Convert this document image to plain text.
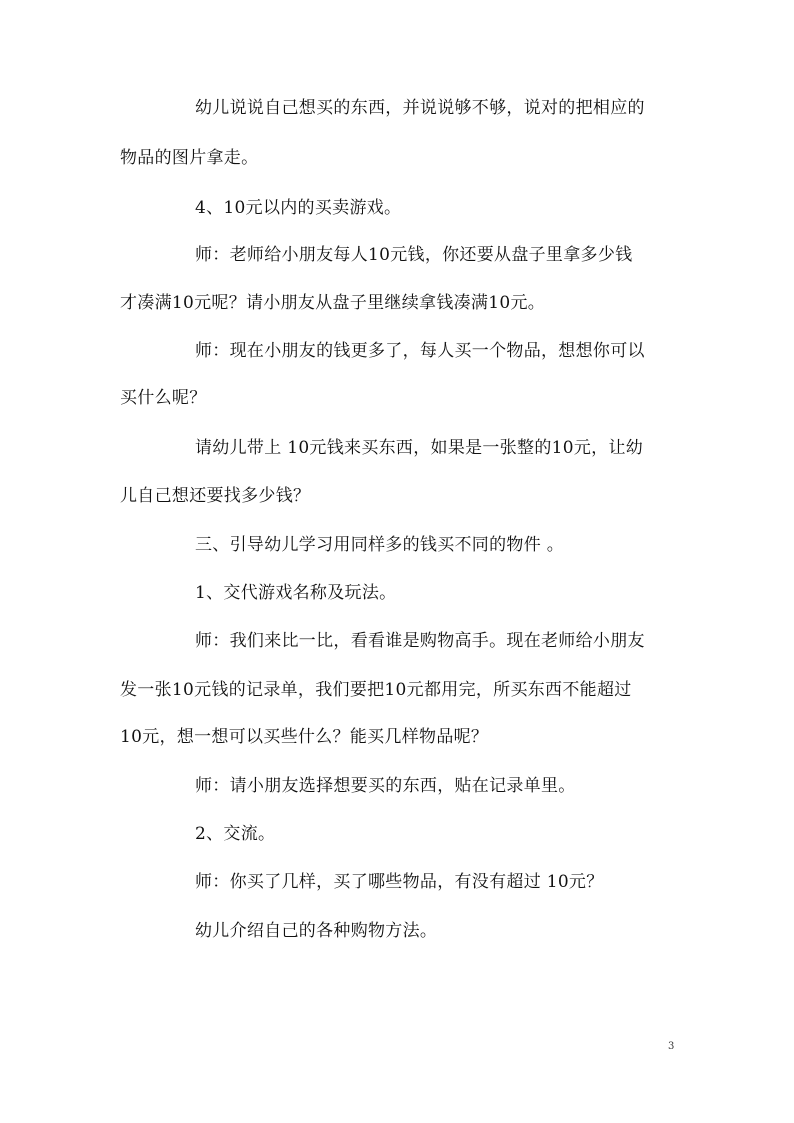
幼儿说说自己想买的东西，并说说够不够，说对的把相应的
物品的图片拿走。
4、10元以内的买卖游戏。
师：老师给小朋友每人10元钱，你还要从盘子里拿多少钱
才凑满10元呢？请小朋友从盘子里继续拿钱凑满10元。
师：现在小朋友的钱更多了，每人买一个物品，想想你可以
买什么呢？
请幼儿带上 10元钱来买东西，如果是一张整的10元，让幼
儿自己想还要找多少钱？
三、引导幼儿学习用同样多的钱买不同的物件 。
1、交代游戏名称及玩法。
师：我们来比一比，看看谁是购物高手。现在老师给小朋友
发一张10元钱的记录单，我们要把10元都用完，所买东西不能超过
10元，想一想可以买些什么？能买几样物品呢？
师：请小朋友选择想要买的东西，贴在记录单里。
2、交流。
师：你买了几样，买了哪些物品，有没有超过 10元？
幼儿介绍自己的各种购物方法。
3
